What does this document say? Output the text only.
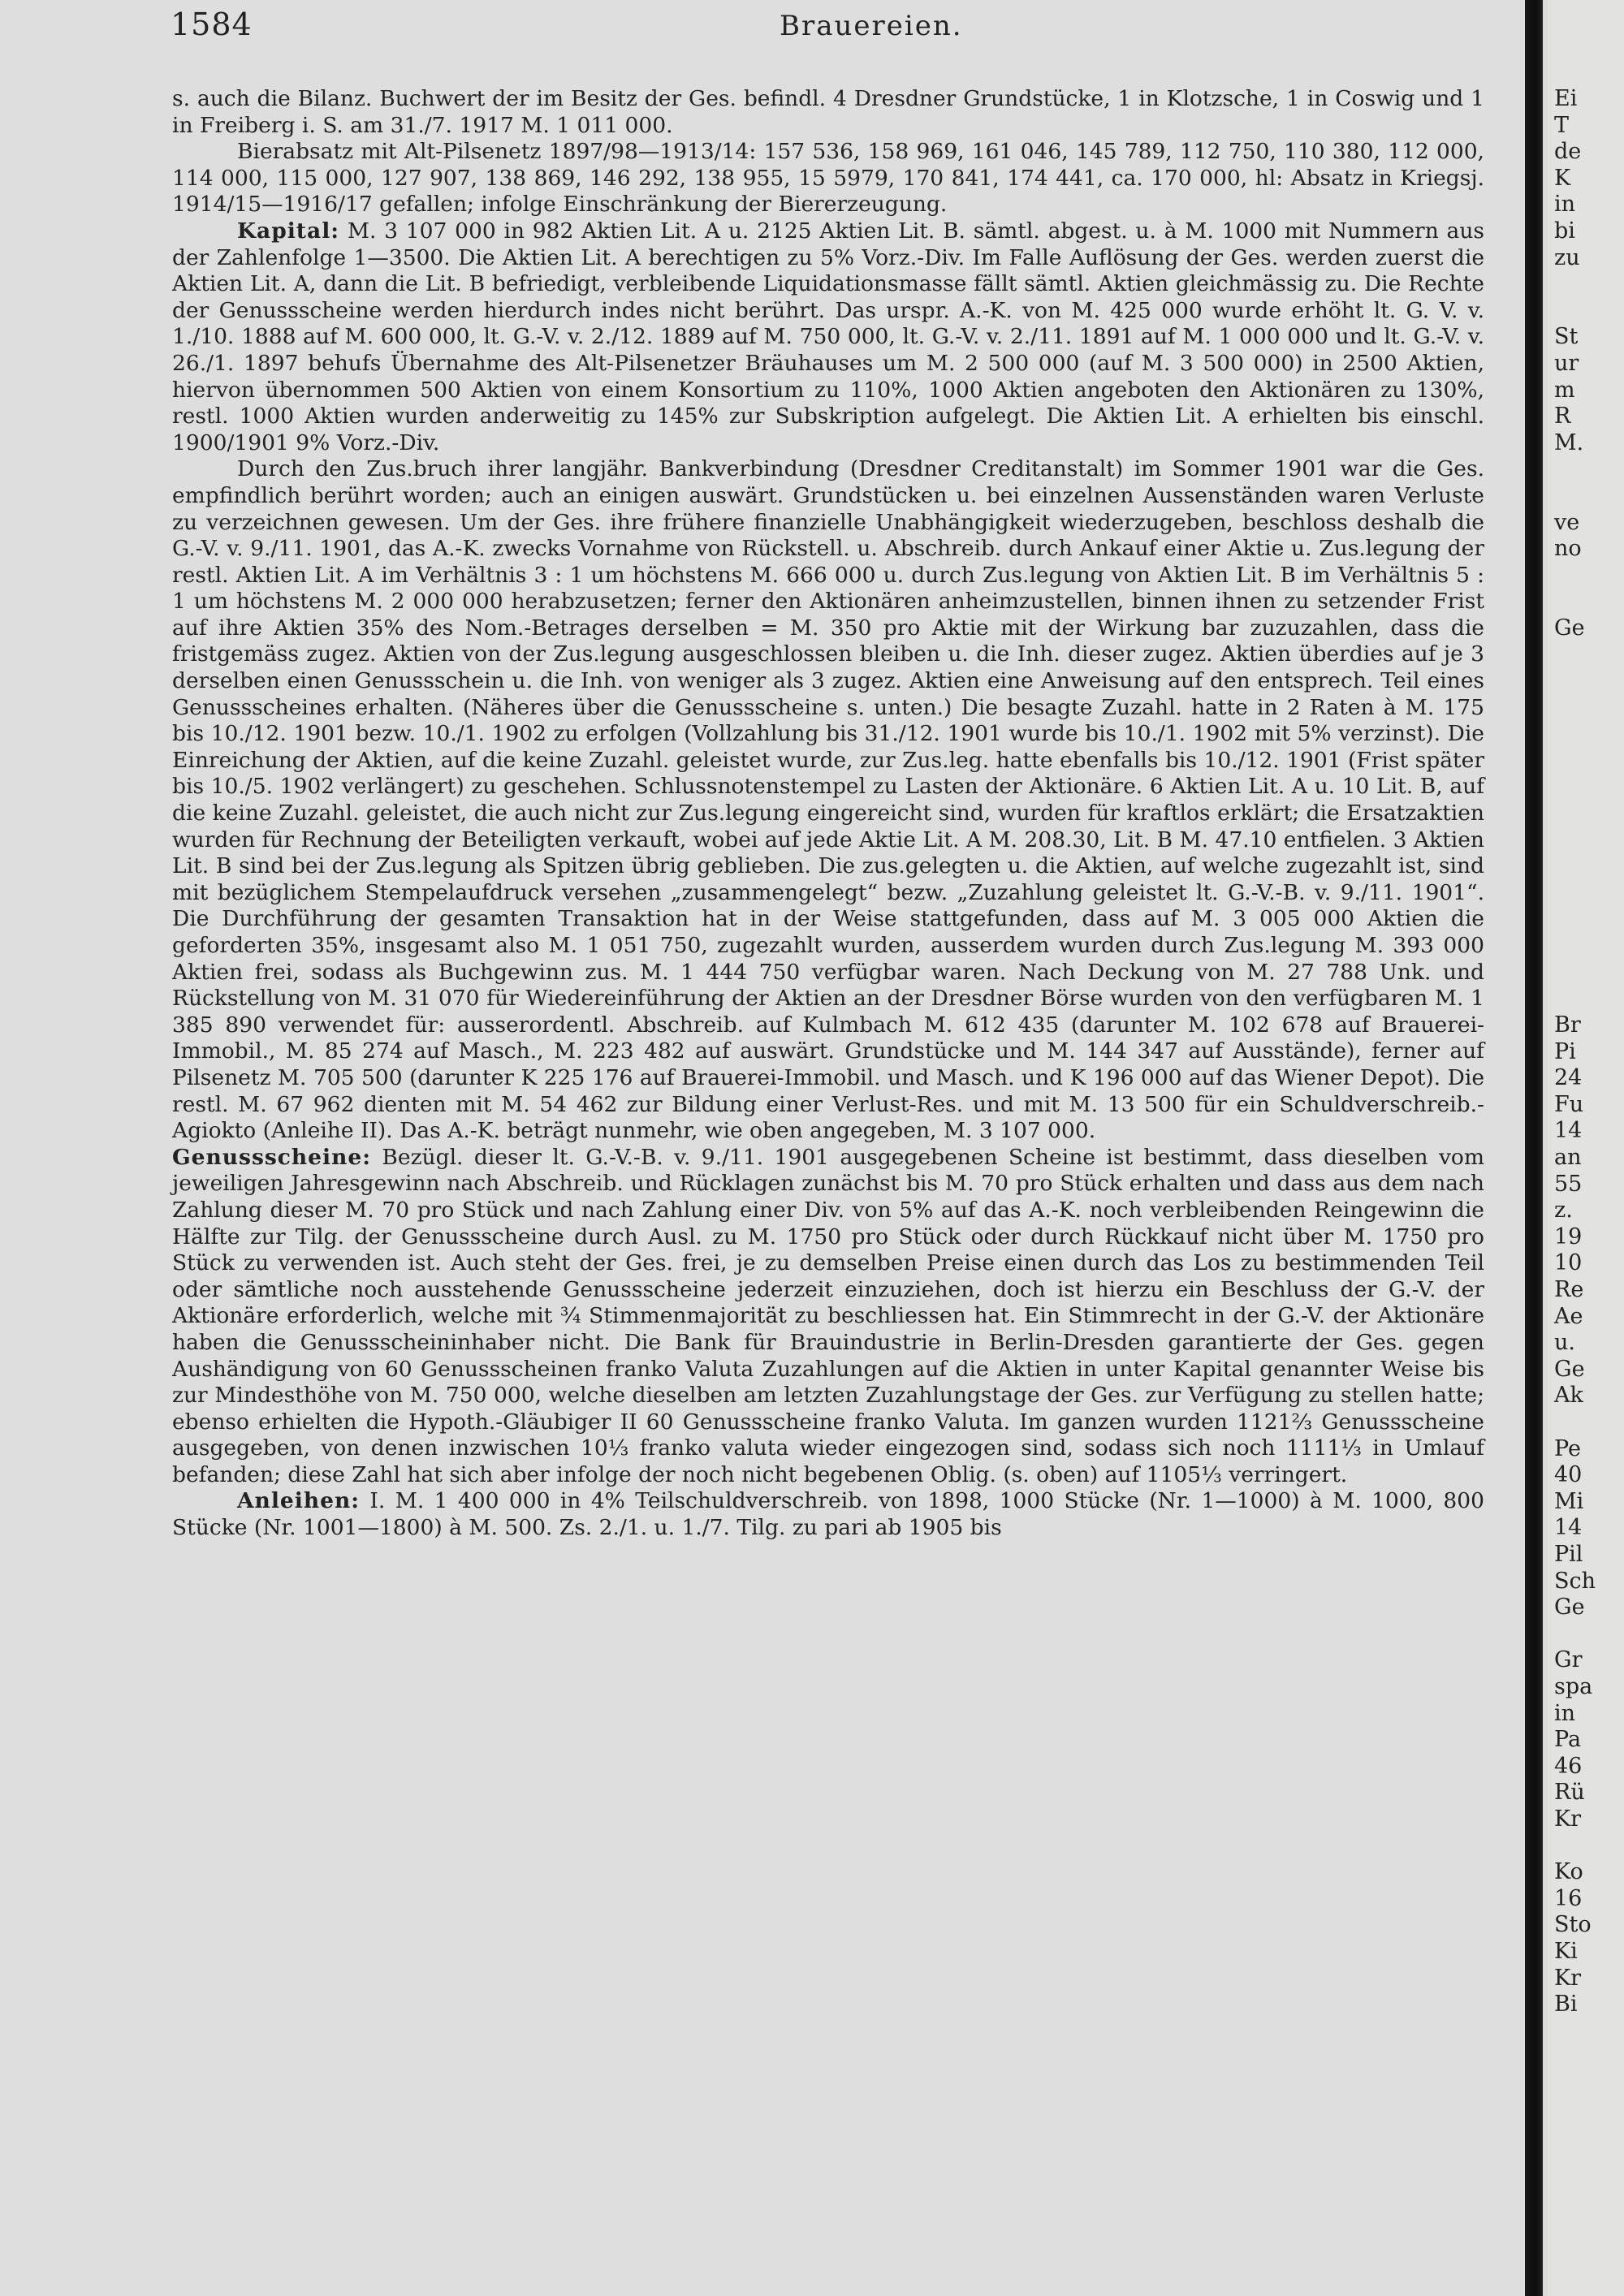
1584	Brauereien.

s. auch die Bilanz. Buchwert der im Besitz der Ges. befindl. 4 Dresdner Grundstücke, 1 in Klotzsche, 1 in Coswig und 1 in Freiberg i. S. am 31./7. 1917 M. 1 011 000.

Bierabsatz mit Alt-Pilsenetz 1897/98—1913/14: 157 536, 158 969, 161 046, 145 789, 112 750, 110 380, 112 000, 114 000, 115 000, 127 907, 138 869, 146 292, 138 955, 15 5979, 170 841, 174 441, ca. 170 000, hl: Absatz in Kriegsj. 1914/15—1916/17 gefallen; infolge Einschränkung der Biererzeugung.

Kapital: M. 3 107 000 in 982 Aktien Lit. A u. 2125 Aktien Lit. B. sämtl. abgest. u. à M. 1000 mit Nummern aus der Zahlenfolge 1—3500. Die Aktien Lit. A berechtigen zu 5% Vorz.-Div. Im Falle Auflösung der Ges. werden zuerst die Aktien Lit. A, dann die Lit. B befriedigt, verbleibende Liquidationsmasse fällt sämtl. Aktien gleichmässig zu. Die Rechte der Genussscheine werden hierdurch indes nicht berührt. Das urspr. A.-K. von M. 425 000 wurde erhöht lt. G. V. v. 1./10. 1888 auf M. 600 000, lt. G.-V. v. 2./12. 1889 auf M. 750 000, lt. G.-V. v. 2./11. 1891 auf M. 1 000 000 und lt. G.-V. v. 26./1. 1897 behufs Übernahme des Alt-Pilsenetzer Bräuhauses um M. 2 500 000 (auf M. 3 500 000) in 2500 Aktien, hiervon übernommen 500 Aktien von einem Konsortium zu 110%, 1000 Aktien angeboten den Aktionären zu 130%, restl. 1000 Aktien wurden anderweitig zu 145% zur Subskription aufgelegt. Die Aktien Lit. A erhielten bis einschl. 1900/1901 9% Vorz.-Div.

Durch den Zus.bruch ihrer langjähr. Bankverbindung (Dresdner Creditanstalt) im Sommer 1901 war die Ges. empfindlich berührt worden; auch an einigen auswärt. Grundstücken u. bei einzelnen Aussenständen waren Verluste zu verzeichnen gewesen. Um der Ges. ihre frühere finanzielle Unabhängigkeit wiederzugeben, beschloss deshalb die G.-V. v. 9./11. 1901, das A.-K. zwecks Vornahme von Rückstell. u. Abschreib. durch Ankauf einer Aktie u. Zus.legung der restl. Aktien Lit. A im Verhältnis 3 : 1 um höchstens M. 666 000 u. durch Zus.legung von Aktien Lit. B im Verhältnis 5 : 1 um höchstens M. 2 000 000 herabzusetzen; ferner den Aktionären anheimzustellen, binnen ihnen zu setzender Frist auf ihre Aktien 35% des Nom.-Betrages derselben = M. 350 pro Aktie mit der Wirkung bar zuzuzahlen, dass die fristgemäss zugez. Aktien von der Zus.legung ausgeschlossen bleiben u. die Inh. dieser zugez. Aktien überdies auf je 3 derselben einen Genussschein u. die Inh. von weniger als 3 zugez. Aktien eine Anweisung auf den entsprech. Teil eines Genussscheines erhalten. (Näheres über die Genussscheine s. unten.) Die besagte Zuzahl. hatte in 2 Raten à M. 175 bis 10./12. 1901 bezw. 10./1. 1902 zu erfolgen (Vollzahlung bis 31./12. 1901 wurde bis 10./1. 1902 mit 5% verzinst). Die Einreichung der Aktien, auf die keine Zuzahl. geleistet wurde, zur Zus.leg. hatte ebenfalls bis 10./12. 1901 (Frist später bis 10./5. 1902 verlängert) zu geschehen. Schlussnotenstempel zu Lasten der Aktionäre. 6 Aktien Lit. A u. 10 Lit. B, auf die keine Zuzahl. geleistet, die auch nicht zur Zus.legung eingereicht sind, wurden für kraftlos erklärt; die Ersatzaktien wurden für Rechnung der Beteiligten verkauft, wobei auf jede Aktie Lit. A M. 208.30, Lit. B M. 47.10 entfielen. 3 Aktien Lit. B sind bei der Zus.legung als Spitzen übrig geblieben. Die zus.gelegten u. die Aktien, auf welche zugezahlt ist, sind mit bezüglichem Stempelaufdruck versehen „zusammengelegt“ bezw. „Zuzahlung geleistet lt. G.-V.-B. v. 9./11. 1901“. Die Durchführung der gesamten Transaktion hat in der Weise stattgefunden, dass auf M. 3 005 000 Aktien die geforderten 35%, insgesamt also M. 1 051 750, zugezahlt wurden, ausserdem wurden durch Zus.legung M. 393 000 Aktien frei, sodass als Buchgewinn zus. M. 1 444 750 verfügbar waren. Nach Deckung von M. 27 788 Unk. und Rückstellung von M. 31 070 für Wiedereinführung der Aktien an der Dresdner Börse wurden von den verfügbaren M. 1 385 890 verwendet für: ausserordentl. Abschreib. auf Kulmbach M. 612 435 (darunter M. 102 678 auf Brauerei-Immobil., M. 85 274 auf Masch., M. 223 482 auf auswärt. Grundstücke und M. 144 347 auf Ausstände), ferner auf Pilsenetz M. 705 500 (darunter K 225 176 auf Brauerei-Immobil. und Masch. und K 196 000 auf das Wiener Depot). Die restl. M. 67 962 dienten mit M. 54 462 zur Bildung einer Verlust-Res. und mit M. 13 500 für ein Schuldverschreib.-Agiokto (Anleihe II). Das A.-K. beträgt nunmehr, wie oben angegeben, M. 3 107 000.

Genussscheine: Bezügl. dieser lt. G.-V.-B. v. 9./11. 1901 ausgegebenen Scheine ist bestimmt, dass dieselben vom jeweiligen Jahresgewinn nach Abschreib. und Rücklagen zunächst bis M. 70 pro Stück erhalten und dass aus dem nach Zahlung dieser M. 70 pro Stück und nach Zahlung einer Div. von 5% auf das A.-K. noch verbleibenden Reingewinn die Hälfte zur Tilg. der Genussscheine durch Ausl. zu M. 1750 pro Stück oder durch Rückkauf nicht über M. 1750 pro Stück zu verwenden ist. Auch steht der Ges. frei, je zu demselben Preise einen durch das Los zu bestimmenden Teil oder sämtliche noch ausstehende Genussscheine jederzeit einzuziehen, doch ist hierzu ein Beschluss der G.-V. der Aktionäre erforderlich, welche mit ¾ Stimmenmajorität zu beschliessen hat. Ein Stimmrecht in der G.-V. der Aktionäre haben die Genussscheininhaber nicht. Die Bank für Brauindustrie in Berlin-Dresden garantierte der Ges. gegen Aushändigung von 60 Genussscheinen franko Valuta Zuzahlungen auf die Aktien in unter Kapital genannter Weise bis zur Mindesthöhe von M. 750 000, welche dieselben am letzten Zuzahlungstage der Ges. zur Verfügung zu stellen hatte; ebenso erhielten die Hypoth.-Gläubiger II 60 Genussscheine franko Valuta. Im ganzen wurden 1121⅔ Genussscheine ausgegeben, von denen inzwischen 10⅓ franko valuta wieder eingezogen sind, sodass sich noch 1111⅓ in Umlauf befanden; diese Zahl hat sich aber infolge der noch nicht begebenen Oblig. (s. oben) auf 1105⅓ verringert.

Anleihen: I. M. 1 400 000 in 4% Teilschuldverschreib. von 1898, 1000 Stücke (Nr. 1—1000) à M. 1000, 800 Stücke (Nr. 1001—1800) à M. 500. Zs. 2./1. u. 1./7. Tilg. zu pari ab 1905 bis

Ei
T
de
K
in
bi
zu
St
ur
m
R
M.
ve
no
Ge
Br
Pi
24
Fu
14
an
55
z.
19
10
Re
Ae
u.
Ge
Ak
Pe
40
Mi
14
Pil
Sch
Ge
Gr
spa
in
Pa
46
Rü
Kr
Ko
16
Sto
Ki
Kr
Bi
